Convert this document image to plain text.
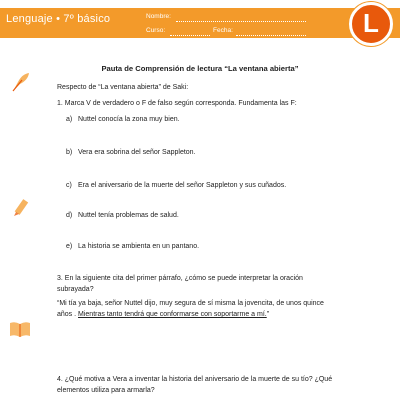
Lenguaje • 7º básico	Nombre:
Curso:	Fecha:	L
Pauta de Comprensión de lectura “La ventana abierta”
Respecto de “La ventana abierta” de Saki:
1. Marca V de verdadero o F de falso según corresponda. Fundamenta las F:
a) Nuttel conocía la zona muy bien.
b) Vera era sobrina del señor Sappleton.
c) Era el aniversario de la muerte del señor Sappleton y sus cuñados.
d) Nuttel tenía problemas de salud.
e) La historia se ambienta en un pantano.
3. En la siguiente cita del primer párrafo, ¿cómo se puede interpretar la oración
subrayada?
“Mi tía ya baja, señor Nuttel dijo, muy segura de sí misma la jovencita, de unos quince
años . Mientras tanto tendrá que conformarse con soportarme a mí.”
4. ¿Qué motiva a Vera a inventar la historia del aniversario de la muerte de su tío? ¿Qué
elementos utiliza para armarla?
